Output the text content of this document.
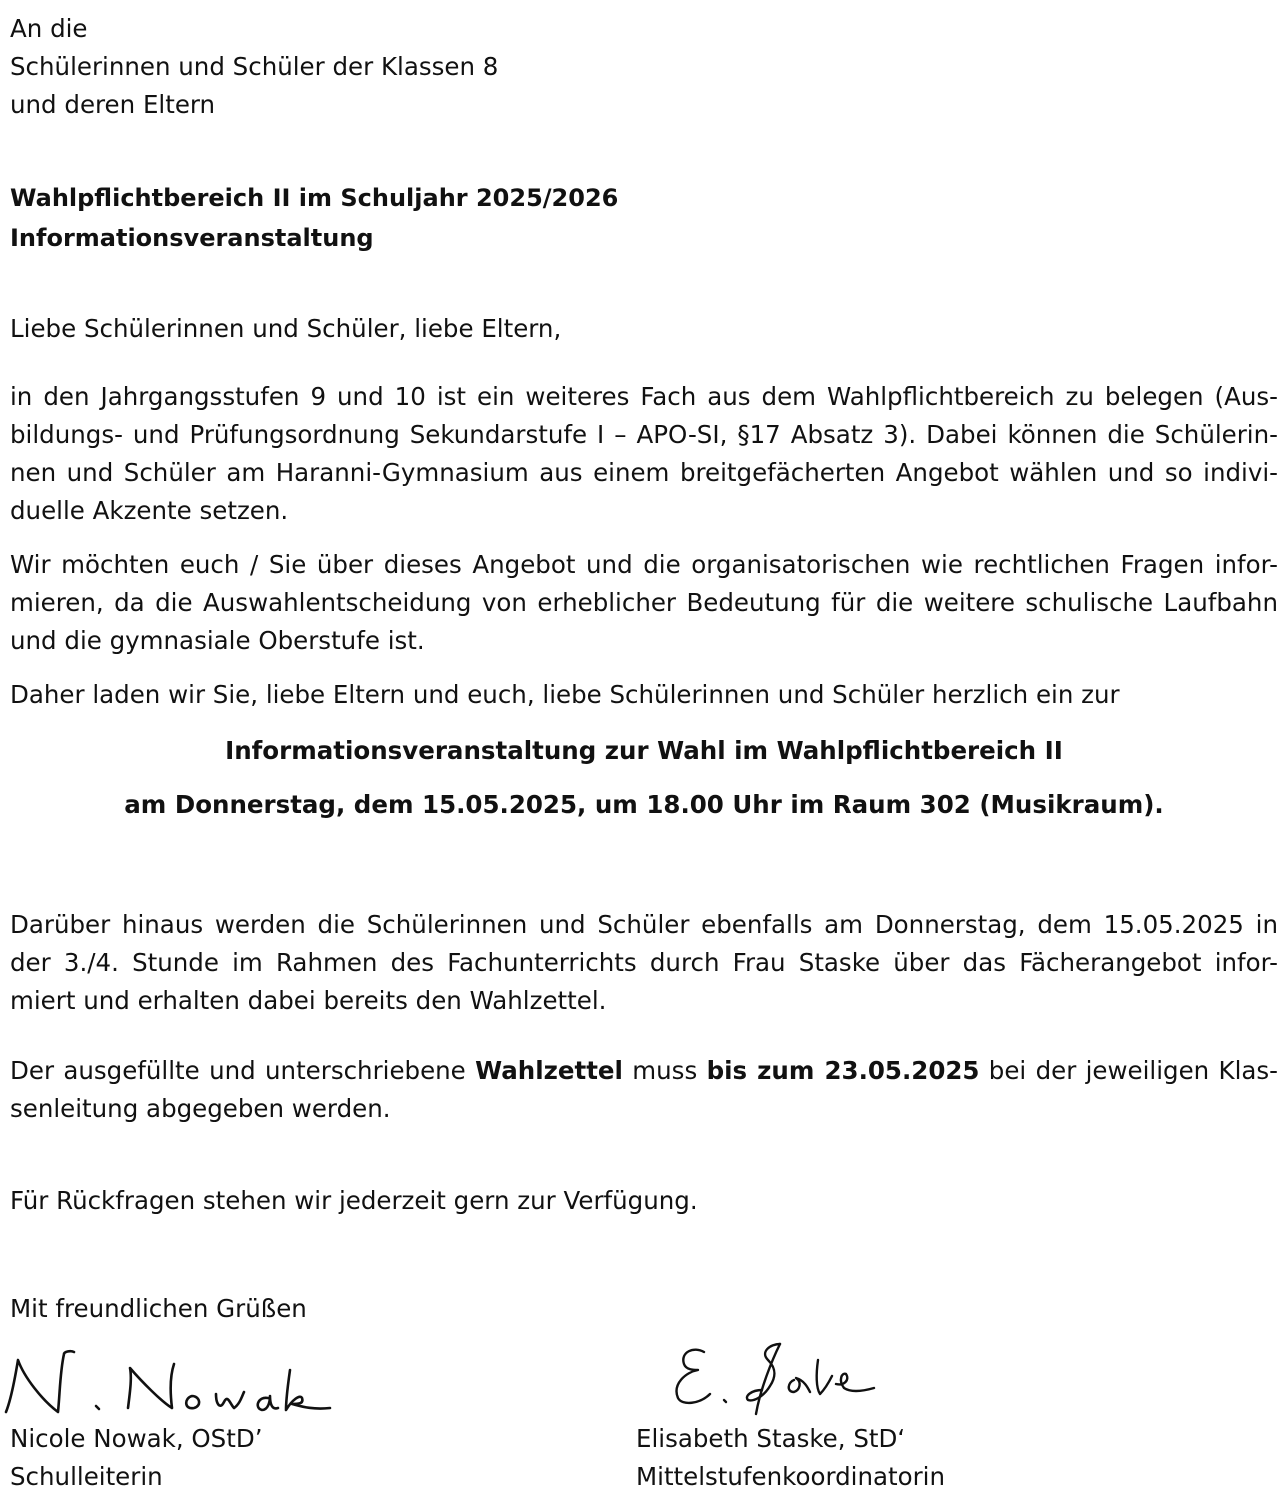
An die

Schülerinnen und Schüler der Klassen 8

und deren Eltern

Wahlpflichtbereich II im Schuljahr 2025/2026

Informationsveranstaltung

Liebe Schülerinnen und Schüler, liebe Eltern,

in den Jahrgangsstufen 9 und 10 ist ein weiteres Fach aus dem Wahlpflichtbereich zu belegen (Aus-

bildungs- und Prüfungsordnung Sekundarstufe I – APO-SI, §17 Absatz 3). Dabei können die Schülerin-

nen und Schüler am Haranni-Gymnasium aus einem breitgefächerten Angebot wählen und so indivi-

duelle Akzente setzen.

Wir möchten euch / Sie über dieses Angebot und die organisatorischen wie rechtlichen Fragen infor-

mieren, da die Auswahlentscheidung von erheblicher Bedeutung für die weitere schulische Laufbahn

und die gymnasiale Oberstufe ist.

Daher laden wir Sie, liebe Eltern und euch, liebe Schülerinnen und Schüler herzlich ein zur

Informationsveranstaltung zur Wahl im Wahlpflichtbereich II

am Donnerstag, dem 15.05.2025, um 18.00 Uhr im Raum 302 (Musikraum).

Darüber hinaus werden die Schülerinnen und Schüler ebenfalls am Donnerstag, dem 15.05.2025 in

der 3./4. Stunde im Rahmen des Fachunterrichts durch Frau Staske über das Fächerangebot infor-

miert und erhalten dabei bereits den Wahlzettel.

Der ausgefüllte und unterschriebene Wahlzettel muss bis zum 23.05.2025 bei der jeweiligen Klas-

senleitung abgegeben werden.

Für Rückfragen stehen wir jederzeit gern zur Verfügung.

Mit freundlichen Grüßen

Nicole Nowak, OStD’

Schulleiterin

Elisabeth Staske, StD‘

Mittelstufenkoordinatorin
